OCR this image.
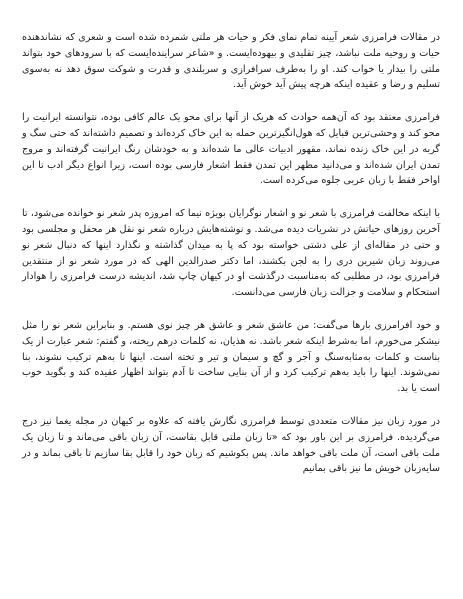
در مقالات فرامرزی شعر آیینه تمام نمای فکر و حیات هر ملتی شمرده شده است و شعری که نشاندهنده حیات و روحیه ملت نباشد، چیز تقلیدی و بیهوده‌ایست. و «شاعر سراینده‌ایست که با سرودهای خود بتواند ملتی را بیدار یا خواب کند. او را به‌طرف سرافرازی و سربلندی و قدرت و شوکت سوق دهد نه به‌سوی تسلیم و رضا و عقیده اینکه هرچه پیش آید خوش آید.

فرامرزی معتقد بود که آن‌همه حوادث که هریک از آنها برای محو یک عالم کافی بوده، نتوانسته ایرانیت را محو کند و وحشی‌ترین قبایل که هول‌انگیزترین حمله به این خاک کرده‌اند و تصمیم داشته‌اند که حتی سگ و گربه در این خاک زنده نماند، مقهور ادبیات عالی ما شده‌اند و به خودشان رنگ ایرانیت گرفته‌اند و مروج تمدن ایران شده‌اند و می‌دانید مظهر این تمدن فقط اشعار فارسی بوده است، زیرا انواع دیگر ادب تا این اواخر فقط با زبان عربی جلوه می‌کرده است.

با اینکه مخالفت فرامرزی با شعر نو و اشعار نوگرایان بویژه نیما که امروزه پدر شعر نو خوانده می‌شود، تا آخرین روزهای حیاتش در نشریات دیده می‌شد. و نوشته‌هایش درباره شعر نو نقل هر محفل و مجلسی بود و حتی در مقاله‌ای از علی دشتی خواسته بود که پا به میدان گذاشته و نگذارد اینها که دنبال شعر نو می‌روند زبان شیرین دری را به لجن بکشند، اما دکتر صدرالدین الهی که در مورد شعر نو از منتقدین فرامرزی بود، در مطلبی که به‌مناسبت درگذشت او در کیهان چاپ شد، اندیشه درست فرامرزی را هوادار استحکام و سلامت و جزالت زبان فارسی می‌دانست.

و خود افرامرزی بارها می‌گفت: من عاشق شعر و عاشق هر چیز نوی هستم. و بنابراین شعر نو را مثل نیشکر می‌خورم، اما به‌شرط اینکه شعر باشد. نه هذیان، نه کلمات درهم ریخته، و گفتم: شعر عبارت از یک بناست و کلمات به‌مثابه‌سنگ و آجر و گچ و سیمان و تیر و تخته است. اینها تا به‌هم ترکیب نشوند، بنا نمی‌شوند. اینها را باید به‌هم ترکیب کرد و از آن بنایی ساخت تا آدم بتواند اظهار عقیده کند و بگوید خوب است یا بد.

در مورد زبان نیز مقالات متعددی توسط فرامرزی نگارش یافته که علاوه بر کیهان در مجله یغما نیز درج می‌گردیده. فرامرزی بر این باور بود که «تا زبان ملتی قابل بقاست، آن زبان باقی می‌ماند و تا زبان یک ملت باقی است، آن ملت باقی خواهد ماند. پس بکوشیم که زبان خود را قابل بقا سازیم تا باقی بماند و در سایه‌زبان خویش ما نیز باقی بمانیم
